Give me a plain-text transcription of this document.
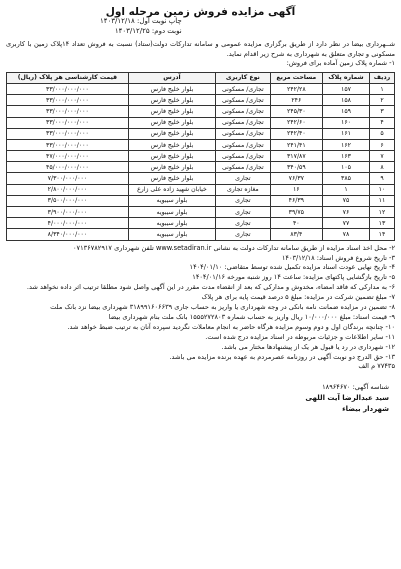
آگهی مزایده فروش زمین مرحله اول
چاپ نوبت اول: ۱۴۰۳/۱۲/۱۸
نوبت دوم: ۱۴۰۳/۱۲/۲۵
شــهرداری بیضا در نظر دارد از طریق برگزاری مزایده عمومی و سامانه تدارکات دولت(ستاد) نسبت به فروش تعداد ۱۴پلاک زمین با کاربری مسکونی و تجاری متعلق به شهرداری به شرح زیر اقدام نماید.
۱- شماره پلاک زمین آماده برای فروش:
ردیف	شماره پلاک	مساحت مربع	نوع کاربری	آدرس	قیمت کارشناسی هر پلاک (ریال)
۱	۱۵۷	۲۴۲/۲۸	تجاری/ مسکونی	بلوار خلیج فارس	۳۳/۰۰۰/۰۰۰/۰۰۰
۲	۱۵۸	۲۴۶	تجاری/ مسکونی	بلوار خلیج فارس	۳۳/۰۰۰/۰۰۰/۰۰۰
۳	۱۵۹	۲۴۵/۳۰	تجاری/ مسکونی	بلوار خلیج فارس	۳۳/۰۰۰/۰۰۰/۰۰۰
۴	۱۶۰	۲۴۲/۶۰	تجاری/ مسکونی	بلوار خلیج فارس	۳۳/۰۰۰/۰۰۰/۰۰۰
۵	۱۶۱	۲۴۲/۴۰	تجاری/ مسکونی	بلوار خلیج فارس	۳۳/۰۰۰/۰۰۰/۰۰۰
۶	۱۶۲	۲۴۱/۴۱	تجاری/ مسکونی	بلوار خلیج فارس	۳۳/۰۰۰/۰۰۰/۰۰۰
۷	۱۶۳	۳۱۷/۸۷	تجاری/ مسکونی	بلوار خلیج فارس	۴۷/۰۰۰/۰۰۰/۰۰۰
۸	۱۰۵	۳۴۰/۵۹	تجاری/ مسکونی	بلوار خلیج فارس	۴۵/۰۰۰/۰۰۰/۰۰۰
۹	۳۸۵	۷۶/۳۷	تجاری	بلوار خلیج فارس	۷/۳۰۰/۰۰۰/۰۰۰
۱۰	۱	۱۶	مغازه تجاری	خیابان شهید زاده علی زارع	۲/۸۰۰/۰۰۰/۰۰۰
۱۱	۷۵	۴۶/۳۹	تجاری	بلوار سیبویه	۳/۵۰۰/۰۰۰/۰۰۰
۱۲	۷۶	۳۹/۷۵	تجاری	بلوار سیبویه	۳/۹۰۰/۰۰۰/۰۰۰
۱۳	۷۷	۴۰	تجاری	بلوار سیبویه	۴/۰۰۰/۰۰۰/۰۰۰
۱۴	۷۸	۸۳/۴	تجاری	بلوار سیبویه	۸/۳۴۰/۰۰۰/۰۰۰
۲- محل اخذ اسناد مزایده از طریق سامانه تدارکات دولت به نشانی www.setadiran.ir تلفن شهرداری ۰۷۱۳۶۷۸۲۹۱۷
۳- تاریخ شروع فروش اسناد: ۱۴۰۳/۱۲/۱۸
۴- تاریخ نهایی عودت اسناد مزایده تکمیل شده توسط متقاضی: ۱۴۰۴/۰۱/۱۰
۵- تاریخ بازگشایی پاکتهای مزایده: ساعت ۱۴ روز شنبه مورخه ۱۴۰۴/۰۱/۱۶
۶- به مدارکی که فاقد امضاء، مخدوش و مدارکی که بعد از انقضاء مدت مقرر در این آگهی واصل شود مطلقا ترتیب اثر داده نخواهد شد.
۷- مبلغ تضمین شرکت در مزایده: مبلغ ۵ درصد قیمت پایه برای هر پلاک
۸- تضمین در مزایده ضمانت نامه بانکی در وجه شهرداری یا واریز به حساب جاری ۳۱۸۹۹۱۶۰۶۶۳۹ شهرداری بیضا نزد بانک ملت
۹- قیمت اسناد: مبلغ ۱۰/۰۰۰/۰۰۰ ریال واریز به حساب شماره ۱۵۵۵۲۷۲۸۰۳ بانک ملت بنام شهرداری بیضا
۱۰- چنانچه برندگان اول و دوم وسوم مزایده هرگاه حاضر به انجام معاملات نگردید سپرده آنان به ترتیب ضبط خواهد شد.
۱۱- سایر اطلاعات و جزئیات مربوطه در اسناد مزایده درج شده است.
۱۲- شهرداری در رد یا قبول هر یک از پیشنهادها مختار می باشد.
۱۳- حق الدرج دو نوبت آگهی در روزنامه عصرمردم به عهده برنده مزایده می باشد.
۷۷۴۳۵ م الف
شناسه آگهی: ۱۸۹۶۴۶۷۰
سید عبدالرضا آیت اللهی
شهردار بیضاء
